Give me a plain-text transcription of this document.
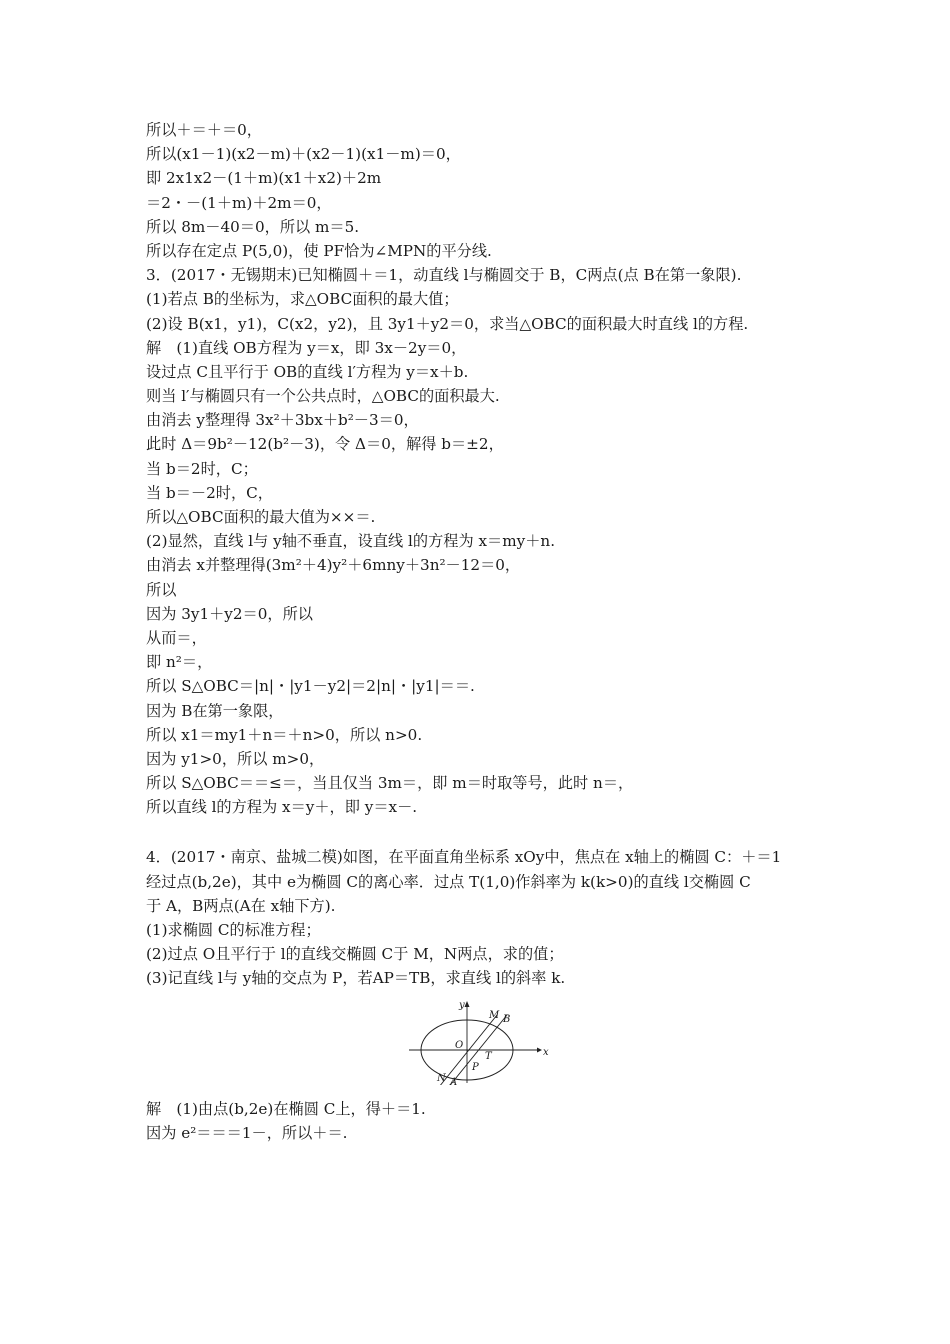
所以＋＝＋＝0，
所以(x1－1)(x2－m)＋(x2－1)(x1－m)＝0，
即 2x1x2－(1＋m)(x1＋x2)＋2m
＝2・－(1＋m)＋2m＝0，
所以 8m－40＝0，所以 m＝5.
所以存在定点 P(5,0)，使 PF恰为∠MPN的平分线.
3．(2017・无锡期末)已知椭圆＋＝1，动直线 l与椭圆交于 B，C两点(点 B在第一象限).
(1)若点 B的坐标为，求△OBC面积的最大值；
(2)设 B(x1，y1)，C(x2，y2)，且 3y1＋y2＝0，求当△OBC的面积最大时直线 l的方程.
解　(1)直线 OB方程为 y＝x，即 3x－2y＝0，
设过点 C且平行于 OB的直线 l′方程为 y＝x＋b.
则当 l′与椭圆只有一个公共点时，△OBC的面积最大.
由消去 y整理得 3x²＋3bx＋b²－3＝0，
此时 Δ＝9b²－12(b²－3)，令 Δ＝0，解得 b＝±2，
当 b＝2时，C；
当 b＝－2时，C，
所以△OBC面积的最大值为××＝.
(2)显然，直线 l与 y轴不垂直，设直线 l的方程为 x＝my＋n.
由消去 x并整理得(3m²＋4)y²＋6mny＋3n²－12＝0，
所以
因为 3y1＋y2＝0，所以
从而＝，
即 n²＝，
所以 S△OBC＝|n|・|y1－y2|＝2|n|・|y1|＝＝.
因为 B在第一象限，
所以 x1＝my1＋n＝＋n>0，所以 n>0.
因为 y1>0，所以 m>0，
所以 S△OBC＝＝≤＝，当且仅当 3m＝，即 m＝时取等号，此时 n＝，
所以直线 l的方程为 x＝y＋，即 y＝x－.
4．(2017・南京、盐城二模)如图，在平面直角坐标系 xOy中，焦点在 x轴上的椭圆 C：＋＝1
经过点(b,2e)，其中 e为椭圆 C的离心率．过点 T(1,0)作斜率为 k(k>0)的直线 l交椭圆 C
于 A，B两点(A在 x轴下方).
(1)求椭圆 C的标准方程；
(2)过点 O且平行于 l的直线交椭圆 C于 M，N两点，求的值；
(3)记直线 l与 y轴的交点为 P，若AP＝TB，求直线 l的斜率 k.
y
x
O
M B
T
P
N A
解　(1)由点(b,2e)在椭圆 C上，得＋＝1.
因为 e²＝＝＝1－，所以＋＝.
